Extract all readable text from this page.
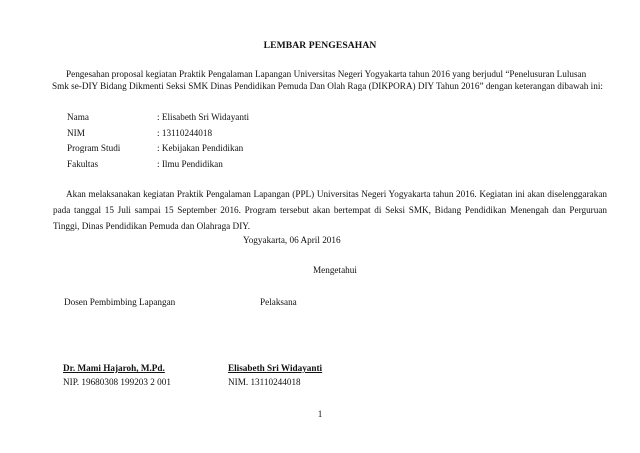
LEMBAR PENGESAHAN
Pengesahan proposal kegiatan Praktik Pengalaman Lapangan Universitas Negeri Yogyakarta tahun 2016 yang berjudul “Penelusuran Lulusan
Smk se-DIY Bidang Dikmenti Seksi SMK Dinas Pendidikan Pemuda Dan Olah Raga (DIKPORA) DIY Tahun 2016” dengan keterangan dibawah ini:
Nama	: Elisabeth Sri Widayanti
NIM	: 13110244018
Program Studi	: Kebijakan Pendidikan
Fakultas	: Ilmu Pendidikan
Akan melaksanakan kegiatan Praktik Pengalaman Lapangan (PPL) Universitas Negeri Yogyakarta tahun 2016. Kegiatan ini akan diselenggarakan pada tanggal 15 Juli sampai 15 September 2016. Program tersebut akan bertempat di Seksi SMK, Bidang Pendidikan Menengah dan Perguruan Tinggi, Dinas Pendidikan Pemuda dan Olahraga DIY.
Yogyakarta, 06 April 2016
Mengetahui
Dosen Pembimbing Lapangan	Pelaksana
Dr. Mami Hajaroh, M.Pd.	Elisabeth Sri Widayanti
NIP. 19680308 199203 2 001	NIM. 13110244018
1
